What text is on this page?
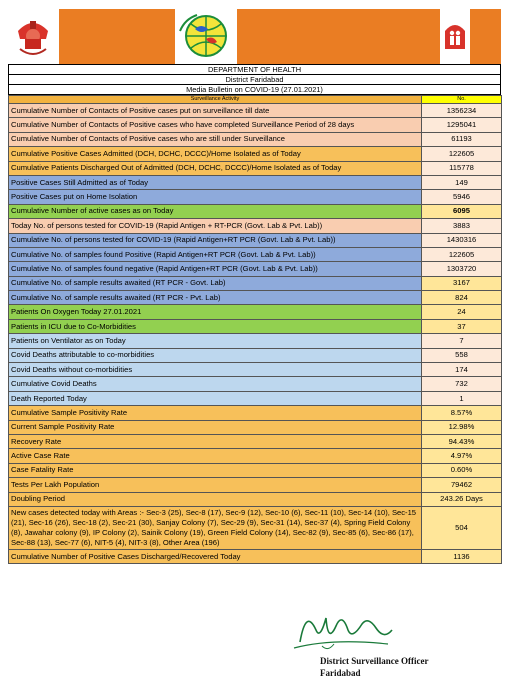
DEPARTMENT OF HEALTH
District Faridabad
Media Bulletin on COVID-19 (27.01.2021)
Surveillance Activity	No.
Cumulative Number of Contacts of Positive cases put on surveillance till date	1356234
Cumulative Number of Contacts of Positive cases who have completed Surveillance Period of 28 days	1295041
Cumulative Number of Contacts of Positive cases who are still under Surveillance	61193
Cumulative Positive Cases Admitted (DCH, DCHC, DCCC)/Home Isolated as of Today	122605
Cumulative Patients Discharged Out of Admitted (DCH, DCHC, DCCC)/Home Isolated as of Today	115778
Positive Cases Still Admitted as of Today	149
Positive Cases put on Home Isolation	5946
Cumulative Number of active cases as on Today	6095
Today No. of persons tested for COVID-19 (Rapid Antigen + RT-PCR (Govt. Lab & Pvt. Lab))	3883
Cumulative No. of persons tested for COVID-19 (Rapid Antigen+RT PCR (Govt. Lab & Pvt. Lab))	1430316
Cumulative No. of samples found Positive (Rapid Antigen+RT PCR (Govt. Lab & Pvt. Lab))	122605
Cumulative No. of samples found negative (Rapid Antigen+RT PCR (Govt. Lab & Pvt. Lab))	1303720
Cumulative No. of sample results awaited (RT PCR - Govt. Lab)	3167
Cumulative No. of sample results awaited (RT PCR - Pvt. Lab)	824
Patients On Oxygen Today 27.01.2021	24
Patients in ICU due to Co-Morbidities	37
Patients on Ventilator as on Today	7
Covid Deaths attributable to co-morbidities	558
Covid Deaths without co-morbidities	174
Cumulative Covid Deaths	732
Death Reported Today	1
Cumulative Sample Positivity Rate	8.57%
Current Sample Positivity Rate	12.98%
Recovery Rate	94.43%
Active Case Rate	4.97%
Case Fatality Rate	0.60%
Tests Per Lakh Population	79462
Doubling Period	243.26 Days
New cases detected today with Areas :- Sec-3 (25), Sec-8 (17), Sec-9 (12), Sec-10 (6), Sec-11 (10), Sec-14 (10), Sec-15 (21), Sec-16 (26), Sec-18 (2), Sec-21 (30), Sanjay Colony (7), Sec-29 (9), Sec-31 (14), Sec-37 (4), Spring Field Colony (8), Jawahar colony (9), IP Colony (2), Sainik Colony (19), Green Field Colony (14), Sec-82 (9), Sec-85 (6), Sec-86 (17), Sec-88 (13), Sec-77 (6), NIT-5 (4), NIT-3 (8), Other Area (196)	504
Cumulative Number of Positive Cases Discharged/Recovered Today	1136
District Surveillance Officer
Faridabad
